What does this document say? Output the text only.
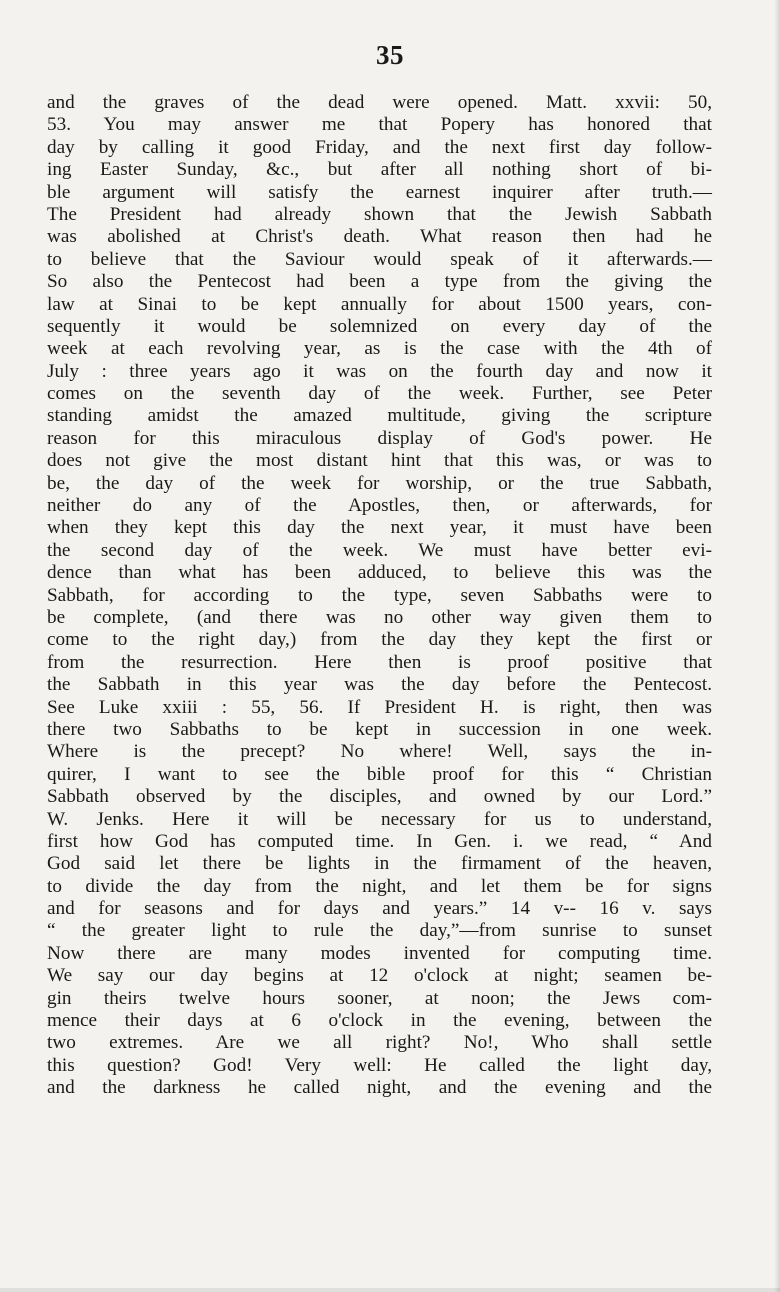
35
and the graves of the dead were opened. Matt. xxvii: 50,
53. You may answer me that Popery has honored that
day by calling it good Friday, and the next first day follow-
ing Easter Sunday, &c., but after all nothing short of bi-
ble argument will satisfy the earnest inquirer after truth.—
The President had already shown that the Jewish Sabbath
was abolished at Christ's death. What reason then had he
to believe that the Saviour would speak of it afterwards.—
So also the Pentecost had been a type from the giving the
law at Sinai to be kept annually for about 1500 years, con-
sequently it would be solemnized on every day of the
week at each revolving year, as is the case with the 4th of
July : three years ago it was on the fourth day and now it
comes on the seventh day of the week. Further, see Peter
standing amidst the amazed multitude, giving the scripture
reason for this miraculous display of God's power. He
does not give the most distant hint that this was, or was to
be, the day of the week for worship, or the true Sabbath,
neither do any of the Apostles, then, or afterwards, for
when they kept this day the next year, it must have been
the second day of the week. We must have better evi-
dence than what has been adduced, to believe this was the
Sabbath, for according to the type, seven Sabbaths were to
be complete, (and there was no other way given them to
come to the right day,) from the day they kept the first or
from the resurrection. Here then is proof positive that
the Sabbath in this year was the day before the Pentecost.
See Luke xxiii : 55, 56. If President H. is right, then was
there two Sabbaths to be kept in succession in one week.
Where is the precept? No where! Well, says the in-
quirer, I want to see the bible proof for this “ Christian
Sabbath observed by the disciples, and owned by our Lord.”
W. Jenks. Here it will be necessary for us to understand,
first how God has computed time. In Gen. i. we read, “ And
God said let there be lights in the firmament of the heaven,
to divide the day from the night, and let them be for signs
and for seasons and for days and years.” 14 v-- 16 v. says
“ the greater light to rule the day,”—from sunrise to sunset
Now there are many modes invented for computing time.
We say our day begins at 12 o'clock at night; seamen be-
gin theirs twelve hours sooner, at noon; the Jews com-
mence their days at 6 o'clock in the evening, between the
two extremes. Are we all right? No!, Who shall settle
this question? God! Very well: He called the light day,
and the darkness he called night, and the evening and the
